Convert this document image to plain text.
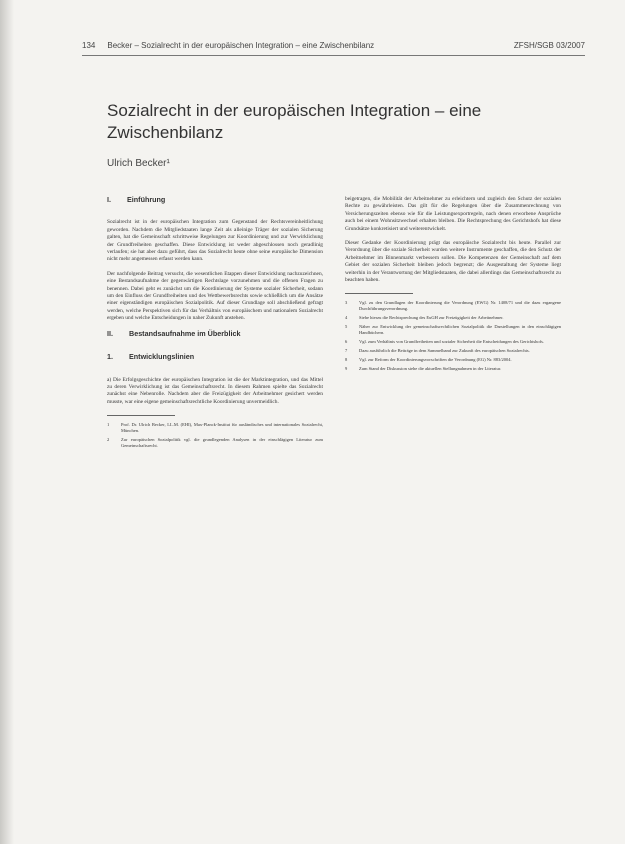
134 Becker – Sozialrecht in der europäischen Integration – eine Zwischenbilanz	ZFSH/SGB 03/2007
Sozialrecht in der europäischen Integration – eine Zwischenbilanz
Ulrich Becker¹
I. Einführung

Sozialrecht ist in der europäischen Integration zum Gegenstand der Rechtsvereinheitlichung geworden. Nachdem die Mitgliedstaaten lange Zeit als alleinige Träger der sozialen Sicherung galten, hat die Gemeinschaft schrittweise Regelungen zur Koordinierung und zur Verwirklichung der Grundfreiheiten geschaffen. Diese Entwicklung ist weder abgeschlossen noch geradlinig verlaufen; sie hat aber dazu geführt, dass das Sozialrecht heute ohne seine europäische Dimension nicht mehr angemessen erfasst werden kann.

Der nachfolgende Beitrag versucht, die wesentlichen Etappen dieser Entwicklung nachzuzeichnen, eine Bestandsaufnahme der gegenwärtigen Rechtslage vorzunehmen und die offenen Fragen zu benennen. Dabei geht es zunächst um die Koordinierung der Systeme sozialer Sicherheit, sodann um den Einfluss der Grundfreiheiten und des Wettbewerbsrechts sowie schließlich um die Ansätze einer eigenständigen europäischen Sozialpolitik. Auf dieser Grundlage soll abschließend gefragt werden, welche Perspektiven sich für das Verhältnis von europäischem und nationalem Sozialrecht ergeben und welche Entscheidungen in naher Zukunft anstehen.

II. Bestandsaufnahme im Überblick
1. Entwicklungslinien

a) Die Erfolgsgeschichte der europäischen Integration ist die der Marktintegration, und das Mittel zu deren Verwirklichung ist das Gemeinschaftsrecht. In diesem Rahmen spielte das Sozialrecht zunächst eine Nebenrolle. Nachdem aber die Freizügigkeit der Arbeitnehmer gesichert werden musste, war eine eigene gemeinschaftsrechtliche Koordinierung unvermeidlich.

1	Prof. Dr. Ulrich Becker, LL.M. (EHI), Max-Planck-Institut für ausländisches und internationales Sozialrecht, München.
2	Zur europäischen Sozialpolitik vgl. die grundlegenden Analysen in der einschlägigen Literatur zum Gemeinschaftsrecht.

beigetragen, die Mobilität der Arbeitnehmer zu erleichtern und zugleich den Schutz der sozialen Rechte zu gewährleisten. Das gilt für die Regelungen über die Zusammenrechnung von Versicherungszeiten ebenso wie für die Leistungsexportregeln, nach denen erworbene Ansprüche auch bei einem Wohnsitzwechsel erhalten bleiben. Die Rechtsprechung des Gerichtshofs hat diese Grundsätze konkretisiert und weiterentwickelt.

Dieser Gedanke der Koordinierung prägt das europäische Sozialrecht bis heute. Parallel zur Verordnung über die soziale Sicherheit wurden weitere Instrumente geschaffen, die den Schutz der Arbeitnehmer im Binnenmarkt verbessern sollen. Die Kompetenzen der Gemeinschaft auf dem Gebiet der sozialen Sicherheit bleiben jedoch begrenzt; die Ausgestaltung der Systeme liegt weiterhin in der Verantwortung der Mitgliedstaaten, die dabei allerdings das Gemeinschaftsrecht zu beachten haben.

3	Vgl. zu den Grundlagen der Koordinierung die Verordnung (EWG) Nr. 1408/71 und die dazu ergangene Durchführungsverordnung.
4	Siehe hierzu die Rechtsprechung des EuGH zur Freizügigkeit der Arbeitnehmer.
5	Näher zur Entwicklung der gemeinschaftsrechtlichen Sozialpolitik die Darstellungen in den einschlägigen Handbüchern.
6	Vgl. zum Verhältnis von Grundfreiheiten und sozialer Sicherheit die Entscheidungen des Gerichtshofs.
7	Dazu ausführlich die Beiträge in dem Sammelband zur Zukunft des europäischen Sozialrechts.
8	Vgl. zur Reform der Koordinierungsvorschriften die Verordnung (EG) Nr. 883/2004.
9	Zum Stand der Diskussion siehe die aktuellen Stellungnahmen in der Literatur.
